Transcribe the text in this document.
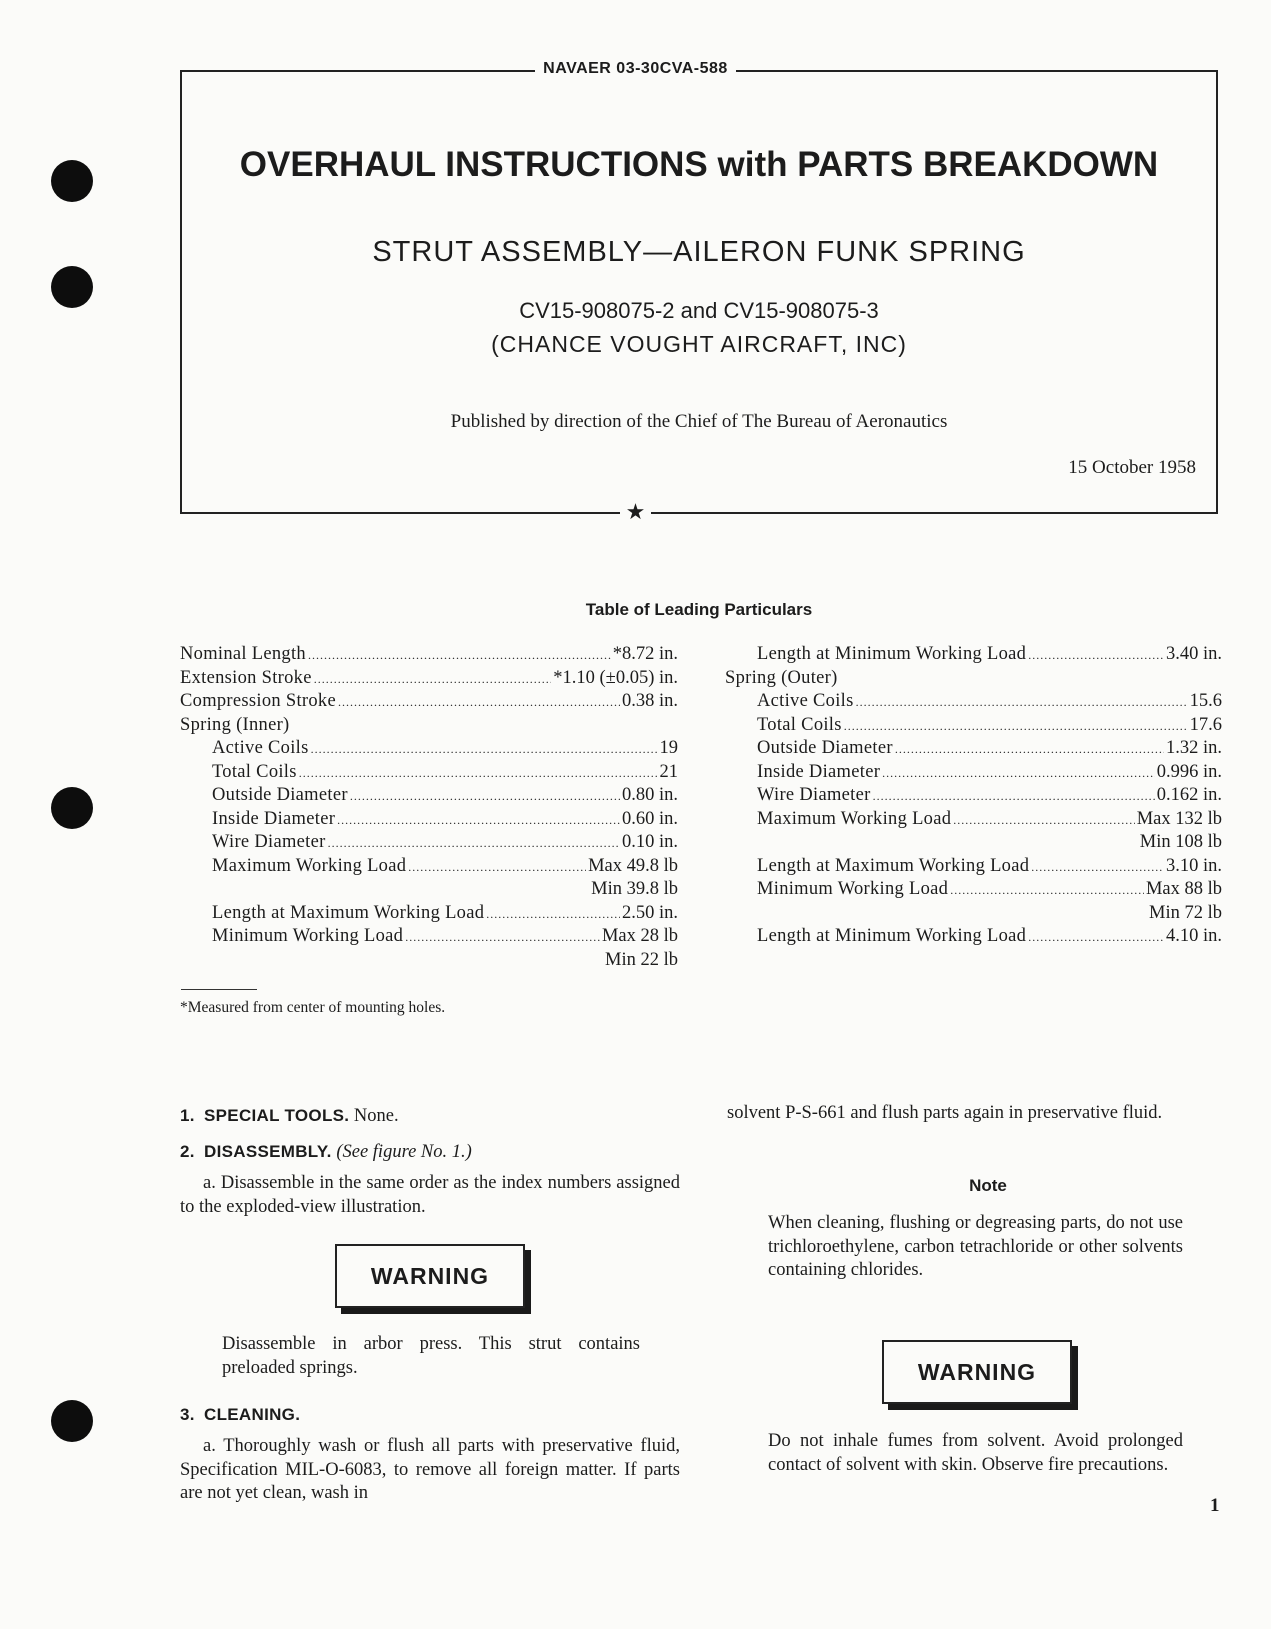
NAVAER 03-30CVA-588
OVERHAUL INSTRUCTIONS with PARTS BREAKDOWN
STRUT ASSEMBLY—AILERON FUNK SPRING
CV15-908075-2 and CV15-908075-3
(CHANCE VOUGHT AIRCRAFT, INC)
Published by direction of the Chief of The Bureau of Aeronautics
15 October 1958
★
Table of Leading Particulars
Nominal Length .....	*8.72 in.
Extension Stroke .....	*1.10 (±0.05) in.
Compression Stroke .....	0.38 in.
Spring (Inner)
Active Coils .....	19
Total Coils .....	21
Outside Diameter .....	0.80 in.
Inside Diameter .....	0.60 in.
Wire Diameter .....	0.10 in.
Maximum Working Load .....	Max 49.8 lb
Min 39.8 lb
Length at Maximum Working Load .....	2.50 in.
Minimum Working Load .....	Max 28 lb
Min 22 lb
Length at Minimum Working Load .....	3.40 in.
Spring (Outer)
Active Coils .....	15.6
Total Coils .....	17.6
Outside Diameter .....	1.32 in.
Inside Diameter .....	0.996 in.
Wire Diameter .....	0.162 in.
Maximum Working Load .....	Max 132 lb
Min 108 lb
Length at Maximum Working Load .....	3.10 in.
Minimum Working Load .....	Max 88 lb
Min 72 lb
Length at Minimum Working Load .....	4.10 in.
*Measured from center of mounting holes.
1. SPECIAL TOOLS. None.
2. DISASSEMBLY. (See figure No. 1.)
a. Disassemble in the same order as the index numbers assigned to the exploded-view illustration.
WARNING
Disassemble in arbor press. This strut contains preloaded springs.
3. CLEANING.
a. Thoroughly wash or flush all parts with preservative fluid, Specification MIL-O-6083, to remove all foreign matter. If parts are not yet clean, wash in
solvent P-S-661 and flush parts again in preservative fluid.
Note
When cleaning, flushing or degreasing parts, do not use trichloroethylene, carbon tetrachloride or other solvents containing chlorides.
WARNING
Do not inhale fumes from solvent. Avoid prolonged contact of solvent with skin. Observe fire precautions.
1
